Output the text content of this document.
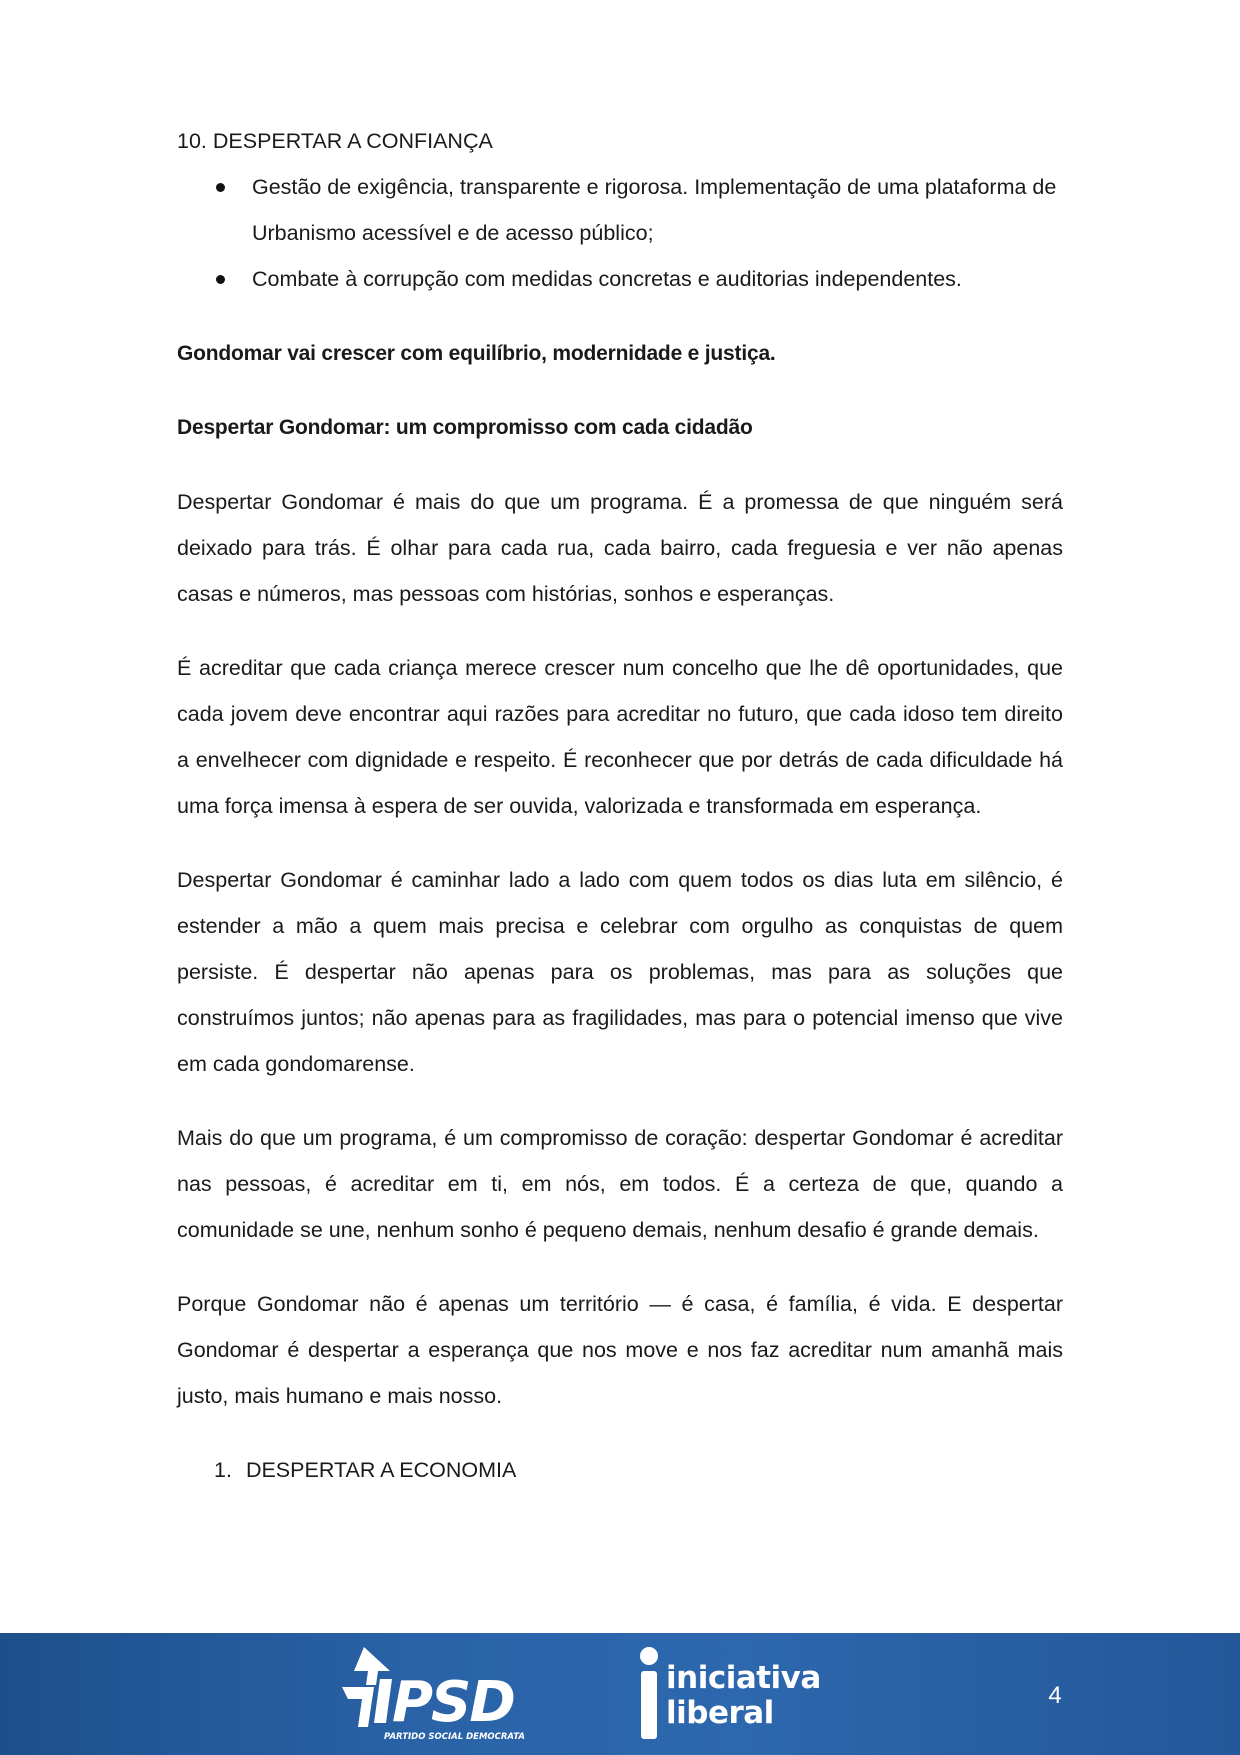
10. DESPERTAR A CONFIANÇA
Gestão de exigência, transparente e rigorosa. Implementação de uma plataforma de Urbanismo acessível e de acesso público;
Combate à corrupção com medidas concretas e auditorias independentes.

Gondomar vai crescer com equilíbrio, modernidade e justiça.

Despertar Gondomar: um compromisso com cada cidadão

Despertar Gondomar é mais do que um programa. É a promessa de que ninguém será deixado para trás. É olhar para cada rua, cada bairro, cada freguesia e ver não apenas casas e números, mas pessoas com histórias, sonhos e esperanças.

É acreditar que cada criança merece crescer num concelho que lhe dê oportunidades, que cada jovem deve encontrar aqui razões para acreditar no futuro, que cada idoso tem direito a envelhecer com dignidade e respeito. É reconhecer que por detrás de cada dificuldade há uma força imensa à espera de ser ouvida, valorizada e transformada em esperança.

Despertar Gondomar é caminhar lado a lado com quem todos os dias luta em silêncio, é estender a mão a quem mais precisa e celebrar com orgulho as conquistas de quem persiste. É despertar não apenas para os problemas, mas para as soluções que construímos juntos; não apenas para as fragilidades, mas para o potencial imenso que vive em cada gondomarense.

Mais do que um programa, é um compromisso de coração: despertar Gondomar é acreditar nas pessoas, é acreditar em ti, em nós, em todos. É a certeza de que, quando a comunidade se une, nenhum sonho é pequeno demais, nenhum desafio é grande demais.

Porque Gondomar não é apenas um território — é casa, é família, é vida. E despertar Gondomar é despertar a esperança que nos move e nos faz acreditar num amanhã mais justo, mais humano e mais nosso.

1. DESPERTAR A ECONOMIA
PSD
PARTIDO SOCIAL DEMOCRATA
iniciativa
liberal	4
